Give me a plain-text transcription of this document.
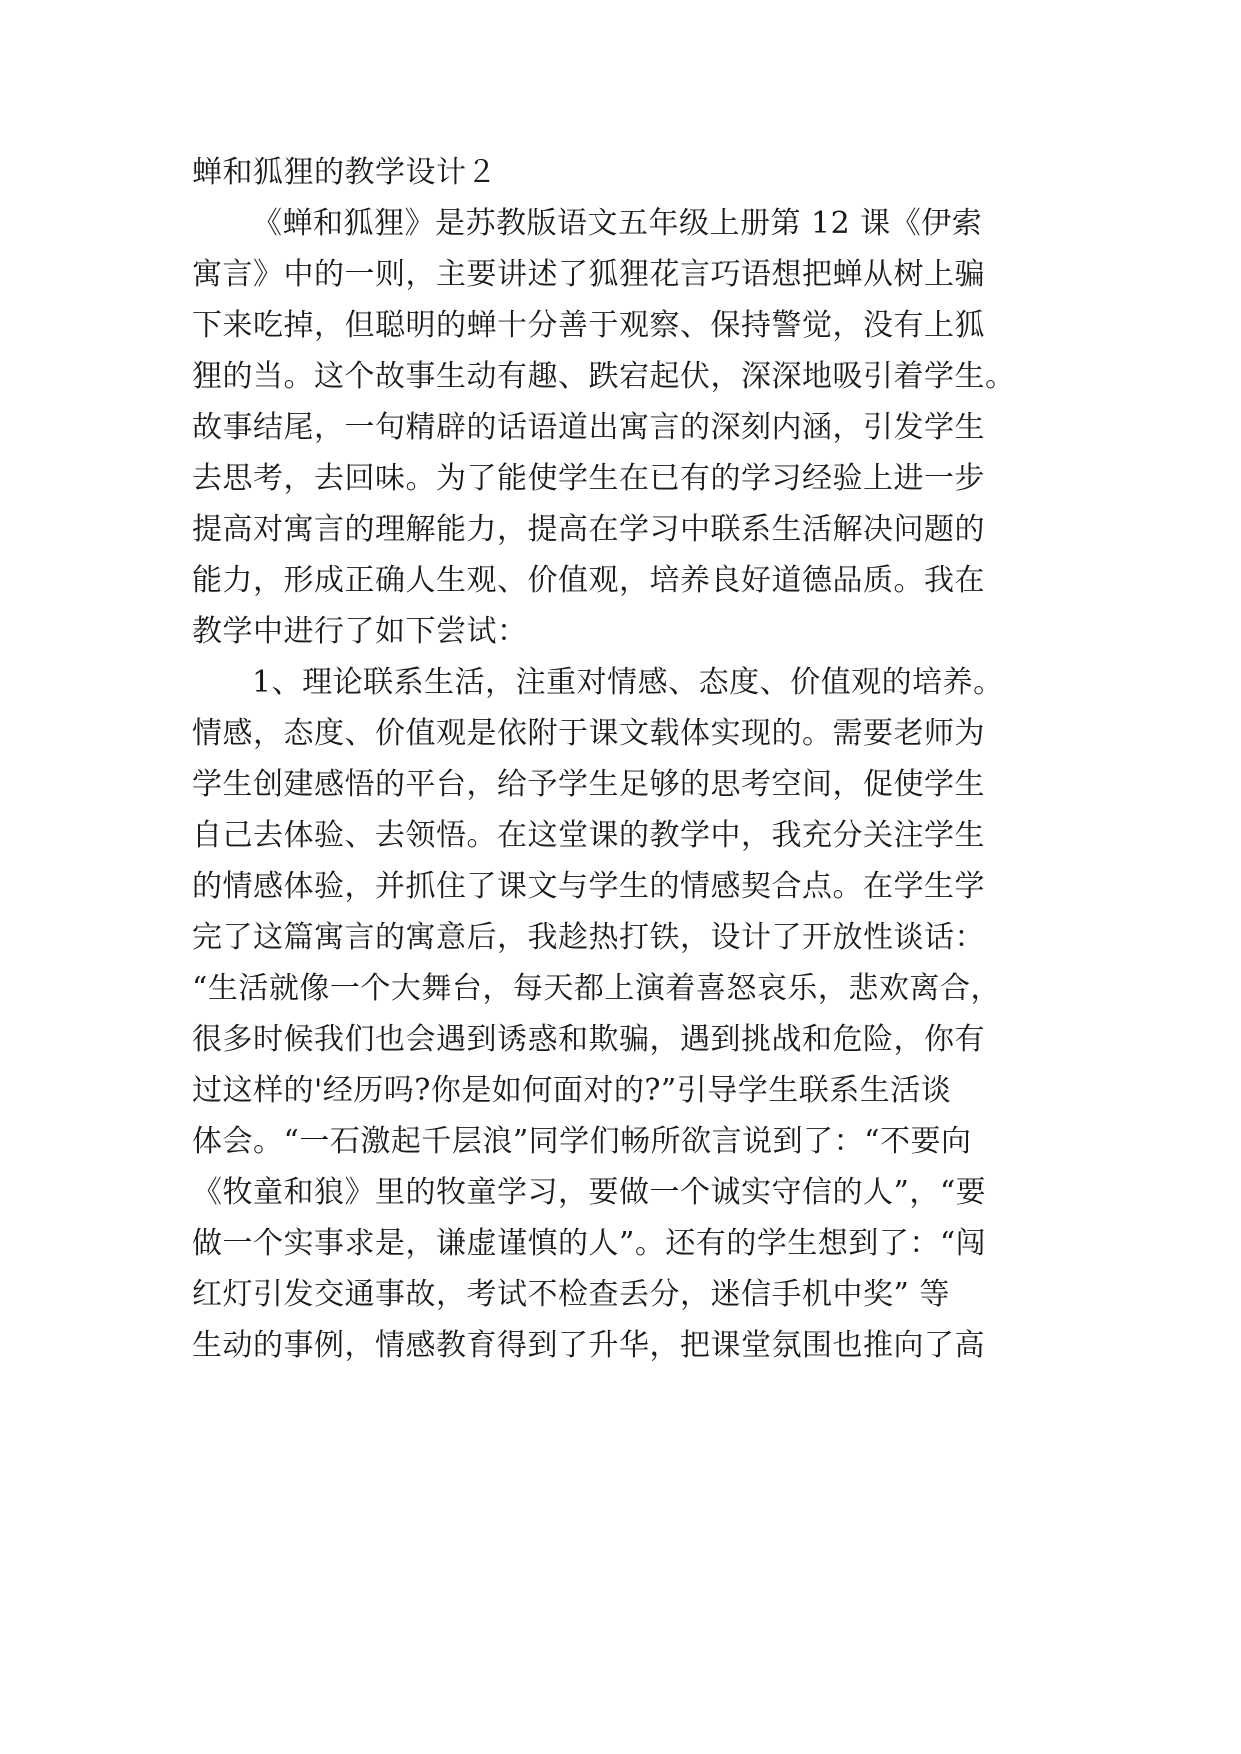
蝉和狐狸的教学设计２

《蝉和狐狸》是苏教版语文五年级上册第 12 课《伊索

寓言》中的一则，主要讲述了狐狸花言巧语想把蝉从树上骗

下来吃掉，但聪明的蝉十分善于观察、保持警觉，没有上狐

狸的当。这个故事生动有趣、跌宕起伏，深深地吸引着学生。

故事结尾，一句精辟的话语道出寓言的深刻内涵，引发学生

去思考，去回味。为了能使学生在已有的学习经验上进一步

提高对寓言的理解能力，提高在学习中联系生活解决问题的

能力，形成正确人生观、价值观，培养良好道德品质。我在

教学中进行了如下尝试：

1、理论联系生活，注重对情感、态度、价值观的培养。

情感，态度、价值观是依附于课文载体实现的。需要老师为

学生创建感悟的平台，给予学生足够的思考空间，促使学生

自己去体验、去领悟。在这堂课的教学中，我充分关注学生

的情感体验，并抓住了课文与学生的情感契合点。在学生学

完了这篇寓言的寓意后，我趁热打铁，设计了开放性谈话：

“生活就像一个大舞台，每天都上演着喜怒哀乐，悲欢离合，

很多时候我们也会遇到诱惑和欺骗，遇到挑战和危险，你有

过这样的'经历吗?你是如何面对的?”引导学生联系生活谈

体会。“一石激起千层浪”同学们畅所欲言说到了：“不要向

《牧童和狼》里的牧童学习，要做一个诚实守信的人”，“要

做一个实事求是，谦虚谨慎的人”。还有的学生想到了：“闯

红灯引发交通事故，考试不检查丢分，迷信手机中奖” 等

生动的事例，情感教育得到了升华，把课堂氛围也推向了高
